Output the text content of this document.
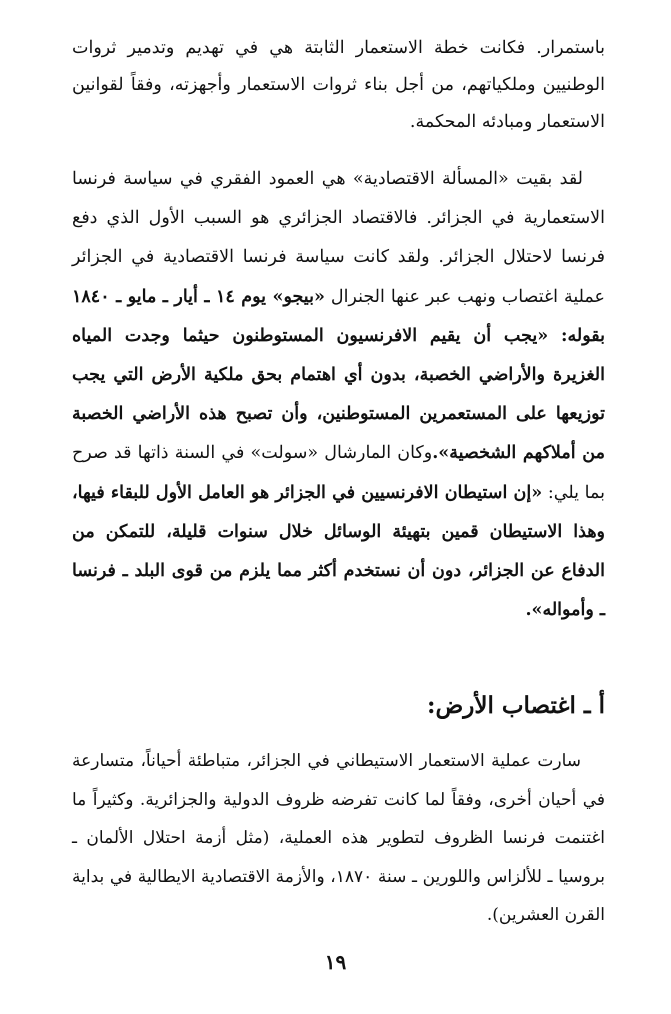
باستمرار. فكانت خطة الاستعمار الثابتة هي في تهديم وتدمير ثروات الوطنيين وملكياتهم، من أجل بناء ثروات الاستعمار وأجهزته، وفقاً لقوانين الاستعمار ومبادئه المحكمة.

لقد بقيت «المسألة الاقتصادية» هي العمود الفقري في سياسة فرنسا الاستعمارية في الجزائر. فالاقتصاد الجزائري هو السبب الأول الذي دفع فرنسا لاحتلال الجزائر. ولقد كانت سياسة فرنسا الاقتصادية في الجزائر عملية اغتصاب ونهب عبر عنها الجنرال «بيجو» يوم ١٤ ـ أيار ـ مايو ـ ١٨٤٠ بقوله: «يجب أن يقيم الافرنسيون المستوطنون حيثما وجدت المياه الغزيرة والأراضي الخصبة، بدون أي اهتمام بحق ملكية الأرض التي يجب توزيعها على المستعمرين المستوطنين، وأن تصبح هذه الأراضي الخصبة من أملاكهم الشخصية».وكان المارشال «سولت» في السنة ذاتها قد صرح بما يلي: «إن استيطان الافرنسيين في الجزائر هو العامل الأول للبقاء فيها، وهذا الاستيطان قمين بتهيئة الوسائل خلال سنوات قليلة، للتمكن من الدفاع عن الجزائر، دون أن نستخدم أكثر مما يلزم من قوى البلد ـ فرنسا ـ وأمواله».

أ ـ اغتصاب الأرض:

سارت عملية الاستعمار الاستيطاني في الجزائر، متباطئة أحياناً، متسارعة في أحيان أخرى، وفقاً لما كانت تفرضه ظروف الدولية والجزائرية. وكثيراً ما اغتنمت فرنسا الظروف لتطوير هذه العملية، (مثل أزمة احتلال الألمان ـ بروسيا ـ للألزاس واللورين ـ سنة ١٨٧٠، والأزمة الاقتصادية الايطالية في بداية القرن العشرين).

١٩
